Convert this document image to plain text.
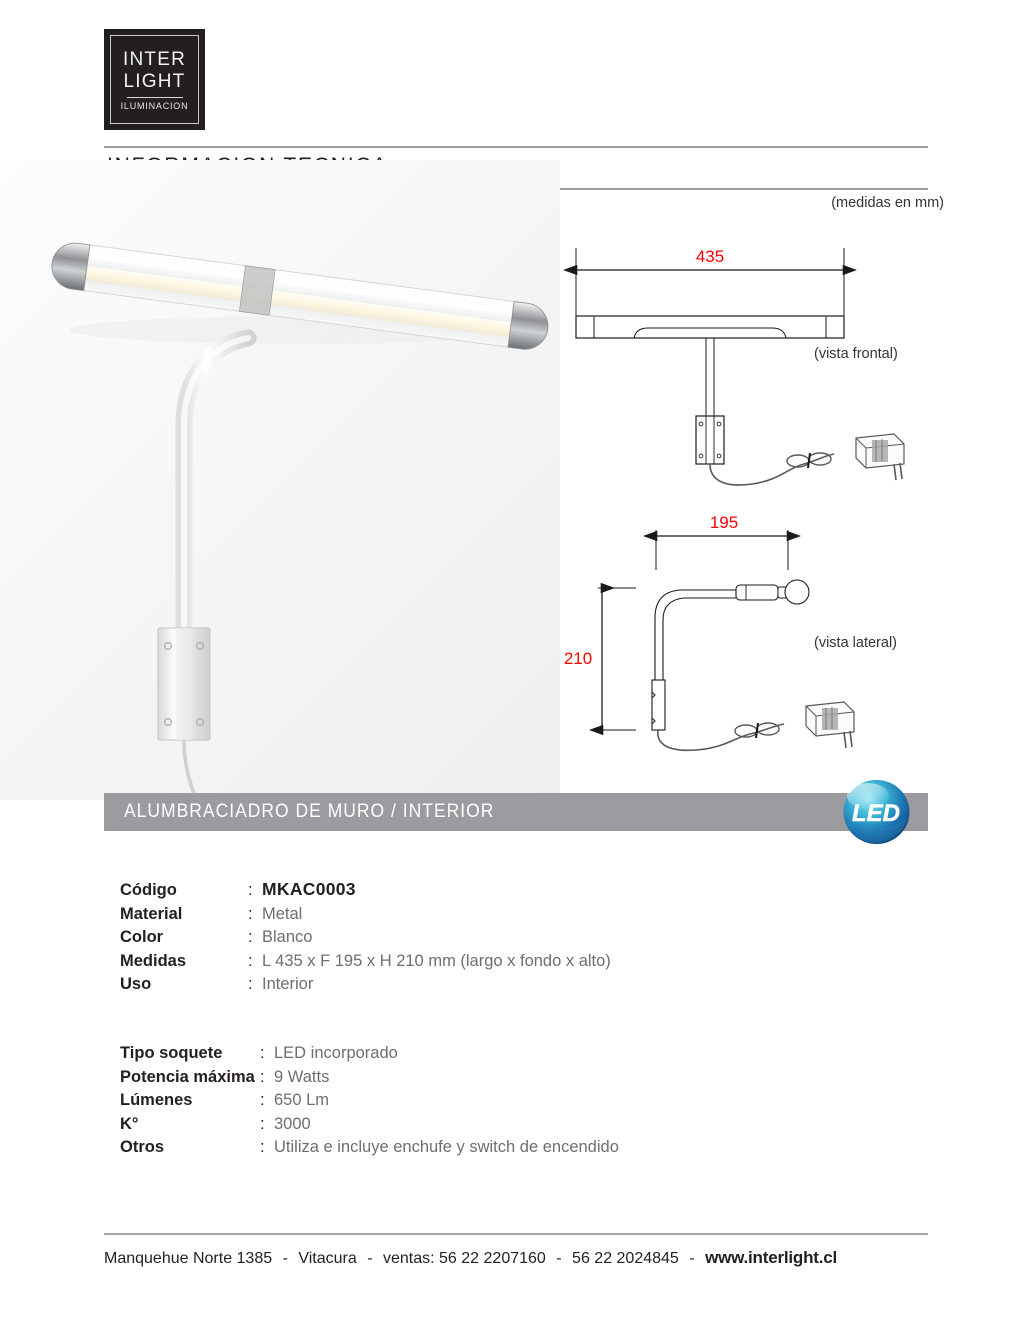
INTER
LIGHT
ILUMINACION
(medidas en mm)
(vista frontal)
(vista lateral)
435
195
210
ALUMBRACIADRO DE MURO / INTERIOR	LED
Código	: MKAC0003
Material	: Metal
Color	: Blanco
Medidas	: L 435 x F 195 x H 210 mm (largo x fondo x alto)
Uso	: Interior
Tipo soquete	: LED incorporado
Potencia máxima : 9 Watts
Lúmenes	: 650 Lm
K°	: 3000
Otros	: Utiliza e incluye enchufe y switch de encendido
Manquehue Norte 1385 - Vitacura - ventas: 56 22 2207160 - 56 22 2024845 - www.interlight.cl
